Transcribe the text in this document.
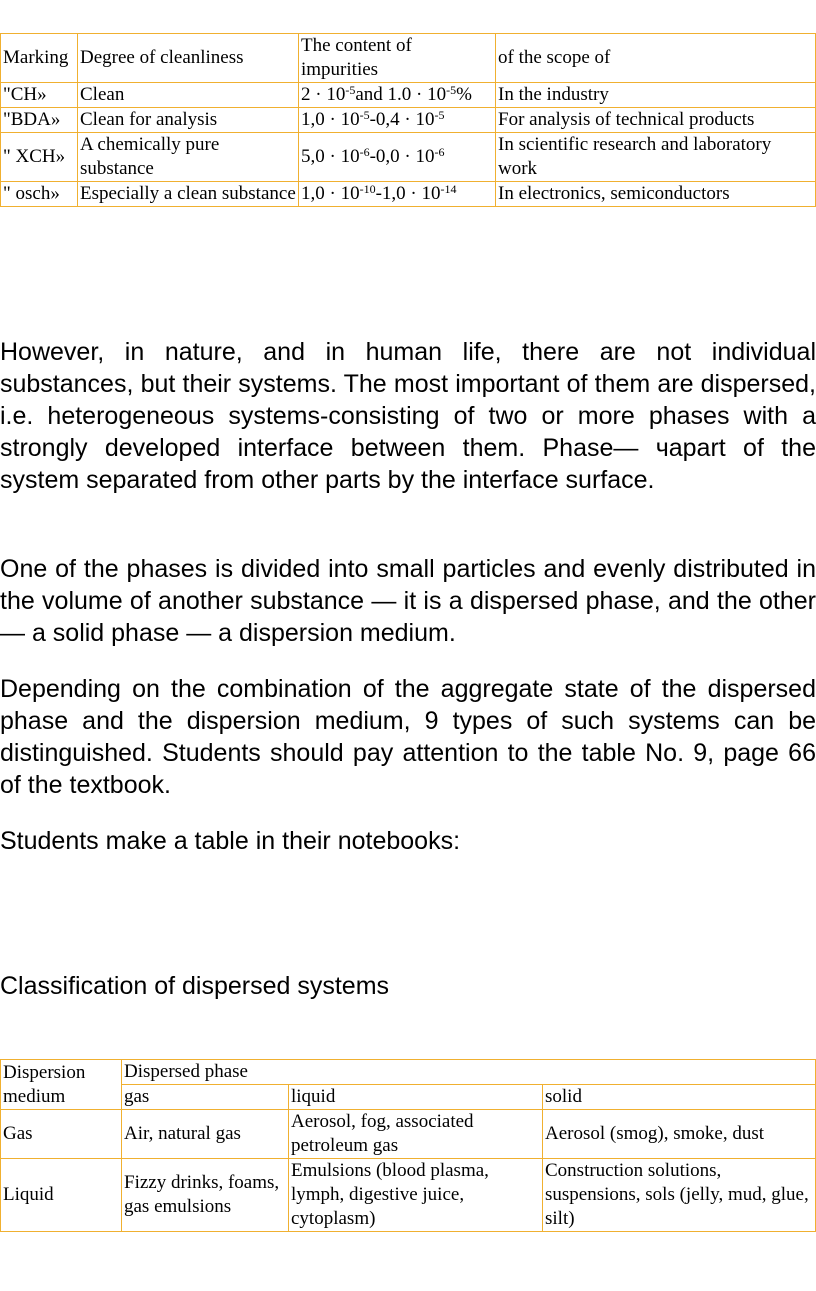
Marking	Degree of cleanliness	The content of impurities	of the scope of
"CH»	Clean	$2 \cdot 10^{-5}and$ $1.0 \cdot 10^{-5}\%$	In the industry
"BDA»	Clean for analysis	$1,0 \cdot 10^{-5}-0,4 \cdot 10^{-5}$	For analysis of technical products
" XCH»	A chemically pure substance	$5,0 \cdot 10^{-6}-0,0 \cdot 10^{-6}$	In scientific research and laboratory work
" osch»	Especially a clean substance	$1,0 \cdot 10^{-10}-1,0 \cdot 10^{-14}$	In electronics, semiconductors

However, in nature, and in human life, there are not individual substances, but their systems. The most important of them are dispersed, i.e. heterogeneous systems-consisting of two or more phases with a strongly developed interface between them. Phase— чapart of the system separated from other parts by the interface surface.

One of the phases is divided into small particles and evenly distributed in the volume of another substance — it is a dispersed phase, and the other — a solid phase — a dispersion medium.

Depending on the combination of the aggregate state of the dispersed phase and the dispersion medium, 9 types of such systems can be distinguished. Students should pay attention to the table No. 9, page 66 of the textbook.

Students make a table in their notebooks:

Classification of dispersed systems

Dispersion medium	Dispersed phase		
	gas	liquid	solid
Gas	Air, natural gas	Aerosol, fog, associated petroleum gas	Aerosol (smog), smoke, dust
Liquid	Fizzy drinks, foams, gas emulsions	Emulsions (blood plasma, lymph, digestive juice, cytoplasm)	Construction solutions, suspensions, sols (jelly, mud, glue, silt)
